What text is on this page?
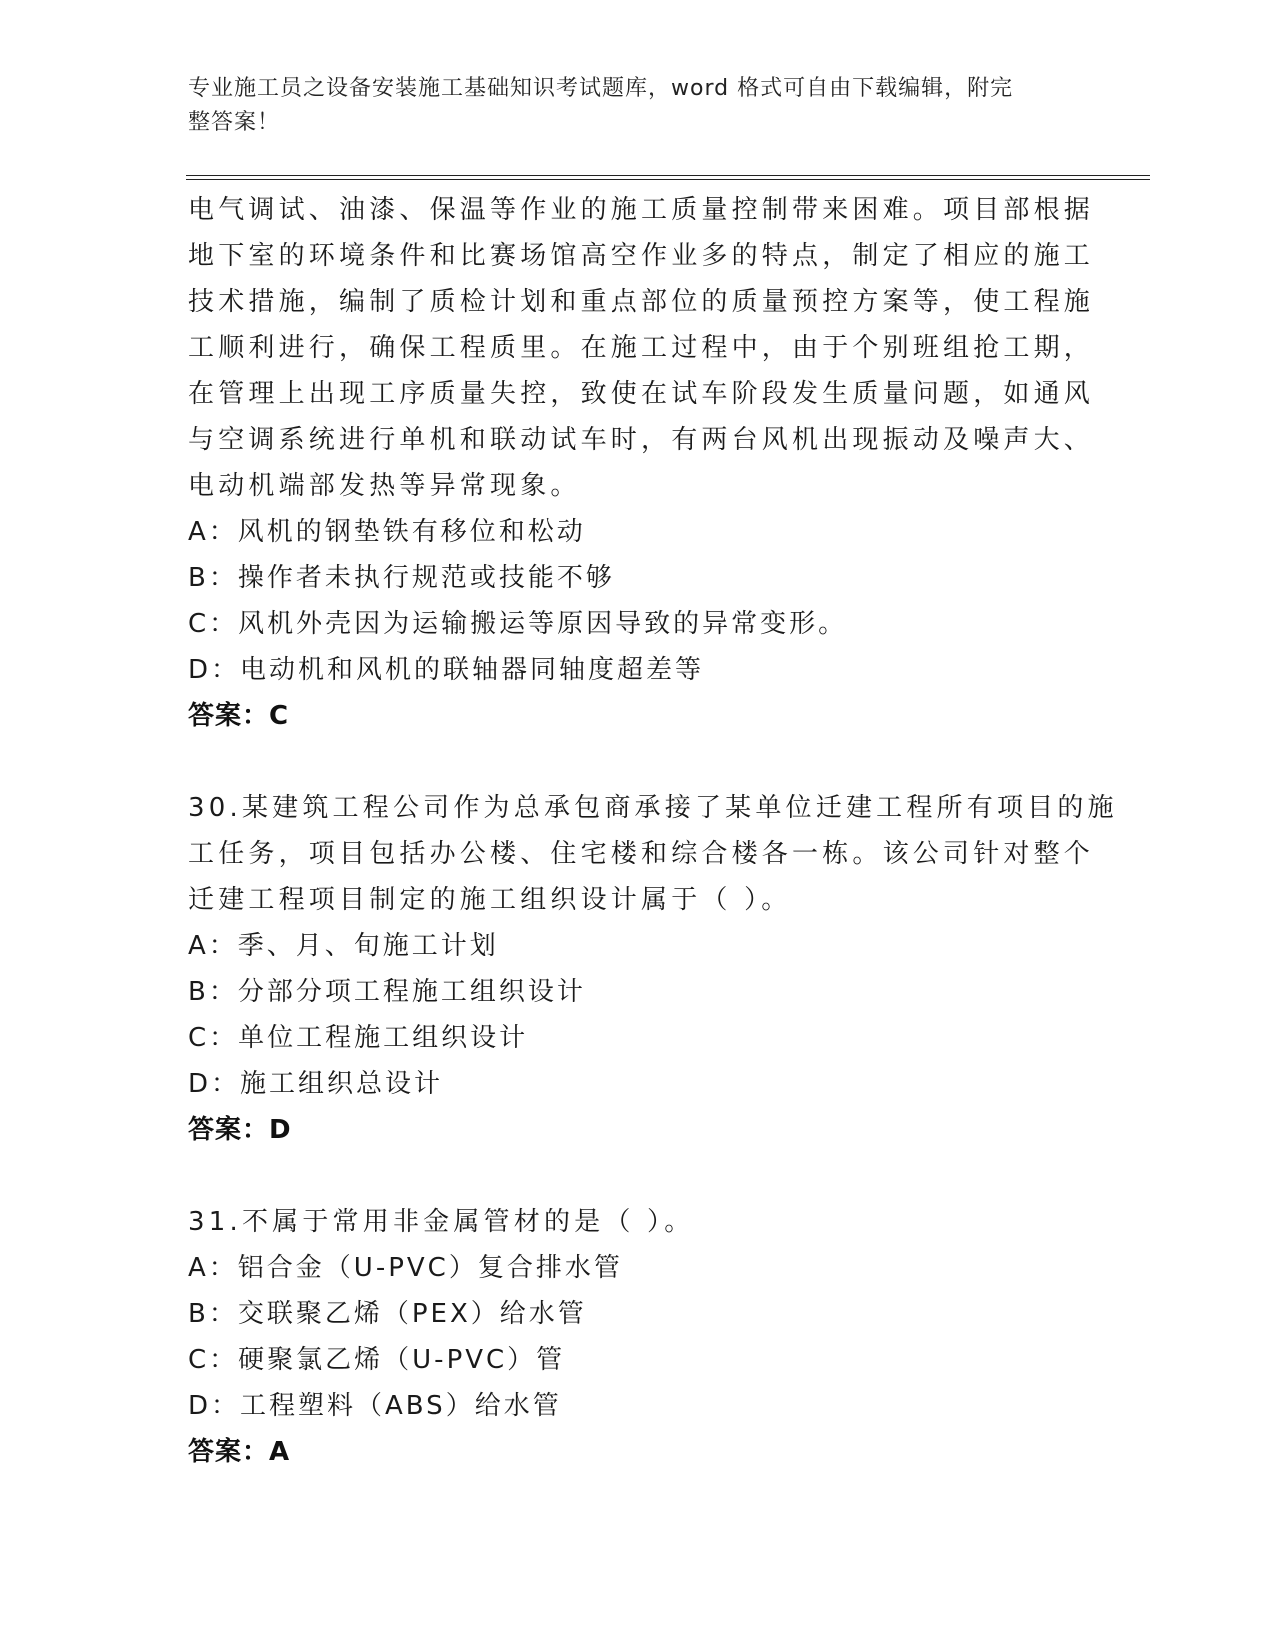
专业施工员之设备安装施工基础知识考试题库，word 格式可自由下载编辑，附完
整答案！
电气调试、油漆、保温等作业的施工质量控制带来困难。项目部根据
地下室的环境条件和比赛场馆高空作业多的特点，制定了相应的施工
技术措施，编制了质检计划和重点部位的质量预控方案等，使工程施
工顺利进行，确保工程质里。在施工过程中，由于个别班组抢工期，
在管理上出现工序质量失控，致使在试车阶段发生质量问题，如通风
与空调系统进行单机和联动试车时，有两台风机出现振动及噪声大、
电动机端部发热等异常现象。
A：风机的钢垫铁有移位和松动
B：操作者未执行规范或技能不够
C：风机外壳因为运输搬运等原因导致的异常变形。
D：电动机和风机的联轴器同轴度超差等
答案：C
30.某建筑工程公司作为总承包商承接了某单位迁建工程所有项目的施
工任务，项目包括办公楼、住宅楼和综合楼各一栋。该公司针对整个
迁建工程项目制定的施工组织设计属于（ ）。
A：季、月、旬施工计划
B：分部分项工程施工组织设计
C：单位工程施工组织设计
D：施工组织总设计
答案：D
31.不属于常用非金属管材的是（ ）。
A：铝合金（U-PVC）复合排水管
B：交联聚乙烯（PEX）给水管
C：硬聚氯乙烯（U-PVC）管
D：工程塑料（ABS）给水管
答案：A
